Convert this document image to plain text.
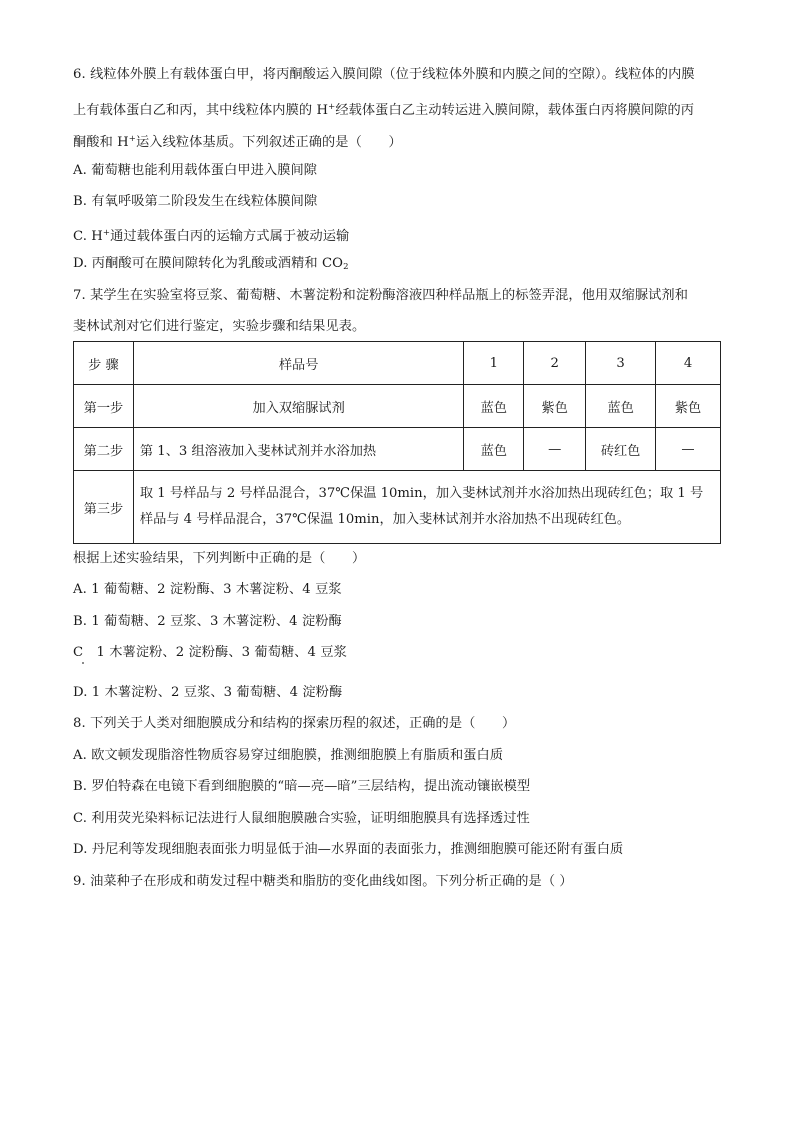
6. 线粒体外膜上有载体蛋白甲，将丙酮酸运入膜间隙（位于线粒体外膜和内膜之间的空隙）。线粒体的内膜
上有载体蛋白乙和丙，其中线粒体内膜的 H+经载体蛋白乙主动转运进入膜间隙，载体蛋白丙将膜间隙的丙
酮酸和 H+运入线粒体基质。下列叙述正确的是（　　）
A. 葡萄糖也能利用载体蛋白甲进入膜间隙
B. 有氧呼吸第二阶段发生在线粒体膜间隙
C. H+通过载体蛋白丙的运输方式属于被动运输
D. 丙酮酸可在膜间隙转化为乳酸或酒精和 $CO_2$
7. 某学生在实验室将豆浆、葡萄糖、木薯淀粉和淀粉酶溶液四种样品瓶上的标签弄混，他用双缩脲试剂和
斐林试剂对它们进行鉴定，实验步骤和结果见表。
步 骤	样品号	1	2	3	4
第一步	加入双缩脲试剂	蓝色	紫色	蓝色	紫色
第二步	第 1、3 组溶液加入斐林试剂并水浴加热	蓝色	—	砖红色	—
第三步	取 1 号样品与 2 号样品混合，37℃保温 10min，加入斐林试剂并水浴加热出现砖红色；取 1 号样品与 4 号样品混合，37℃保温 10min，加入斐林试剂并水浴加热不出现砖红色。				
根据上述实验结果，下列判断中正确的是（　　）
A. 1 葡萄糖、2 淀粉酶、3 木薯淀粉、4 豆浆
B. 1 葡萄糖、2 豆浆、3 木薯淀粉、4 淀粉酶
C　1 木薯淀粉、2 淀粉酶、3 葡萄糖、4 豆浆
D. 1 木薯淀粉、2 豆浆、3 葡萄糖、4 淀粉酶
8. 下列关于人类对细胞膜成分和结构的探索历程的叙述，正确的是（　　）
A. 欧文顿发现脂溶性物质容易穿过细胞膜，推测细胞膜上有脂质和蛋白质
B. 罗伯特森在电镜下看到细胞膜的“暗—亮—暗”三层结构，提出流动镶嵌模型
C. 利用荧光染料标记法进行人鼠细胞膜融合实验，证明细胞膜具有选择透过性
D. 丹尼利等发现细胞表面张力明显低于油—水界面的表面张力，推测细胞膜可能还附有蛋白质
9. 油菜种子在形成和萌发过程中糖类和脂肪的变化曲线如图。下列分析正确的是（ ）
